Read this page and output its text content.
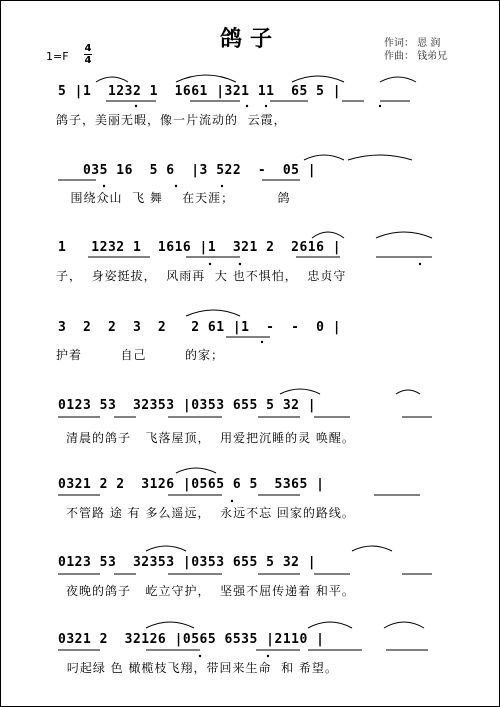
鸽子	作词： 恩 润
作曲： 钱弟兄
1=F
4
4
5 |1  1232 1  1661 |321 11  65 5 |
鸽子，美丽无暇，像一片流动的  云霞，
035 16  5 6  |3 522  -  05 |
围绕众山  飞 舞    在天涯；         鸽
1   1232 1  1616 |1  321 2  2616 |
子，  身姿挺拔，  风雨再  大 也不惧怕，  忠贞守
3  2  2  3  2   2 61 |1  -  -  0 |
护着        自己        的家；
0123 53  32353 |0353 655 5 32 |
清晨的鸽子   飞落屋顶，  用爱把沉睡的灵 唤醒。
0321 2 2  3126 |0565 6 5  5365 |
不管路 途 有 多么遥远，  永远不忘 回家的路线。
0123 53  32353 |0353 655 5 32 |
夜晚的鸽子   屹立守护，  坚强不屈传递着 和平。
0321 2  32126 |0565 6535 |2110 |
叼起绿 色 橄榄枝飞翔，带回来生命  和 希望。
